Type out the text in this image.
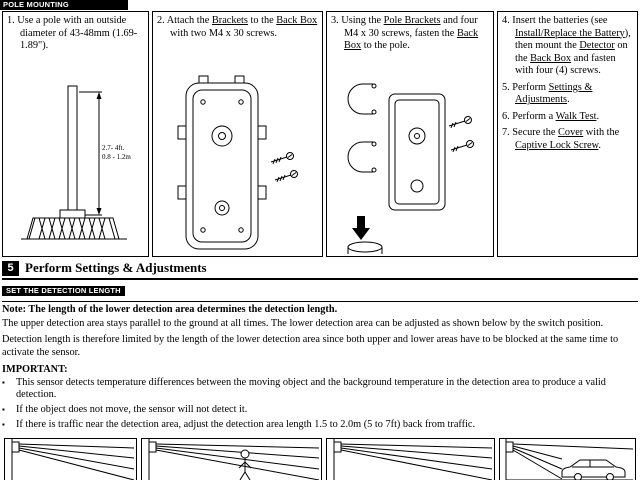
POLE MOUNTING

1. Use a pole with an outside diameter of 43-48mm (1.69-1.89").

2.7- 4ft.
0.8 - 1.2m

2. Attach the Brackets to the Back Box with two M4 x 30 screws.

3. Using the Pole Brackets and four M4 x 30 screws, fasten the Back Box to the pole.

4. Insert the batteries (see Install/Replace the Battery), then mount the Detector on the Back Box and fasten with four (4) screws.

5. Perform Settings & Adjustments.

6. Perform a Walk Test.

7. Secure the Cover with the Captive Lock Screw.

5 Perform Settings & Adjustments
SET THE DETECTION LENGTH

Note: The length of the lower detection area determines the detection length.

The upper detection area stays parallel to the ground at all times. The lower detection area can be adjusted as shown below by the switch position.

Detection length is therefore limited by the length of the lower detection area since both upper and lower areas have to be blocked at the same time to activate the sensor.

IMPORTANT:

▪	This sensor detects temperature differences between the moving object and the background temperature in the detection area to produce a valid detection.
▪	If the object does not move, the sensor will not detect it.
▪	If there is traffic near the detection area, adjust the detection area length 1.5 to 2.0m (5 to 7ft) back from traffic.
